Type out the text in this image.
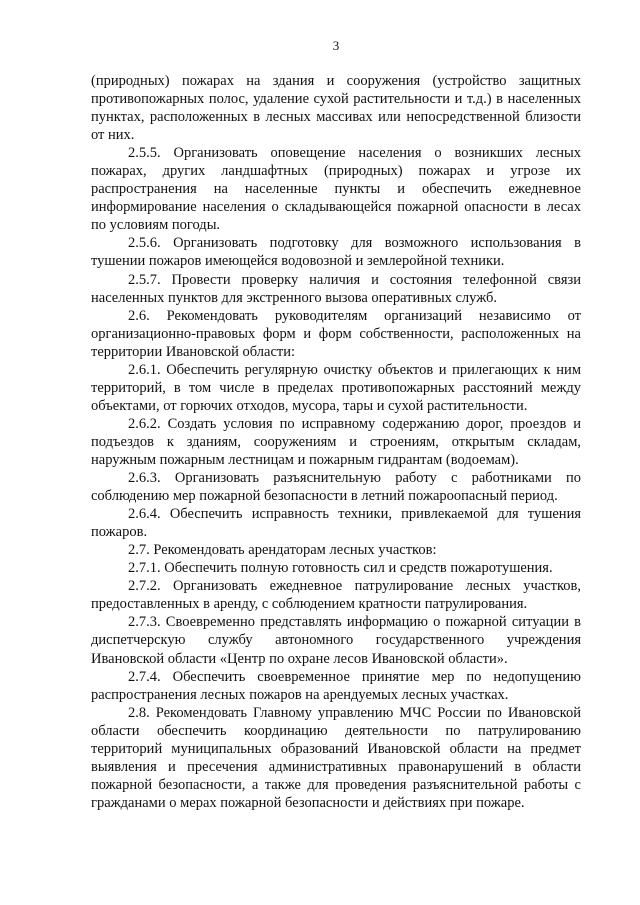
3

(природных) пожарах на здания и сооружения (устройство защитных противопожарных полос, удаление сухой растительности и т.д.) в населенных пунктах, расположенных в лесных массивах или непосредственной близости от них.

2.5.5. Организовать оповещение населения о возникших лесных пожарах, других ландшафтных (природных) пожарах и угрозе их распространения на населенные пункты и обеспечить ежедневное информирование населения о складывающейся пожарной опасности в лесах по условиям погоды.

2.5.6. Организовать подготовку для возможного использования в тушении пожаров имеющейся водовозной и землеройной техники.

2.5.7. Провести проверку наличия и состояния телефонной связи населенных пунктов для экстренного вызова оперативных служб.

2.6. Рекомендовать руководителям организаций независимо от организационно-правовых форм и форм собственности, расположенных на территории Ивановской области:

2.6.1. Обеспечить регулярную очистку объектов и прилегающих к ним территорий, в том числе в пределах противопожарных расстояний между объектами, от горючих отходов, мусора, тары и сухой растительности.

2.6.2. Создать условия по исправному содержанию дорог, проездов и подъездов к зданиям, сооружениям и строениям, открытым складам, наружным пожарным лестницам и пожарным гидрантам (водоемам).

2.6.3. Организовать разъяснительную работу с работниками по соблюдению мер пожарной безопасности в летний пожароопасный период.

2.6.4. Обеспечить исправность техники, привлекаемой для тушения пожаров.

2.7. Рекомендовать арендаторам лесных участков:

2.7.1. Обеспечить полную готовность сил и средств пожаротушения.

2.7.2. Организовать ежедневное патрулирование лесных участков, предоставленных в аренду, с соблюдением кратности патрулирования.

2.7.3. Своевременно представлять информацию о пожарной ситуации в диспетчерскую службу автономного государственного учреждения Ивановской области «Центр по охране лесов Ивановской области».

2.7.4. Обеспечить своевременное принятие мер по недопущению распространения лесных пожаров на арендуемых лесных участках.

2.8. Рекомендовать Главному управлению МЧС России по Ивановской области обеспечить координацию деятельности по патрулированию территорий муниципальных образований Ивановской области на предмет выявления и пресечения административных правонарушений в области пожарной безопасности, а также для проведения разъяснительной работы с гражданами о мерах пожарной безопасности и действиях при пожаре.
